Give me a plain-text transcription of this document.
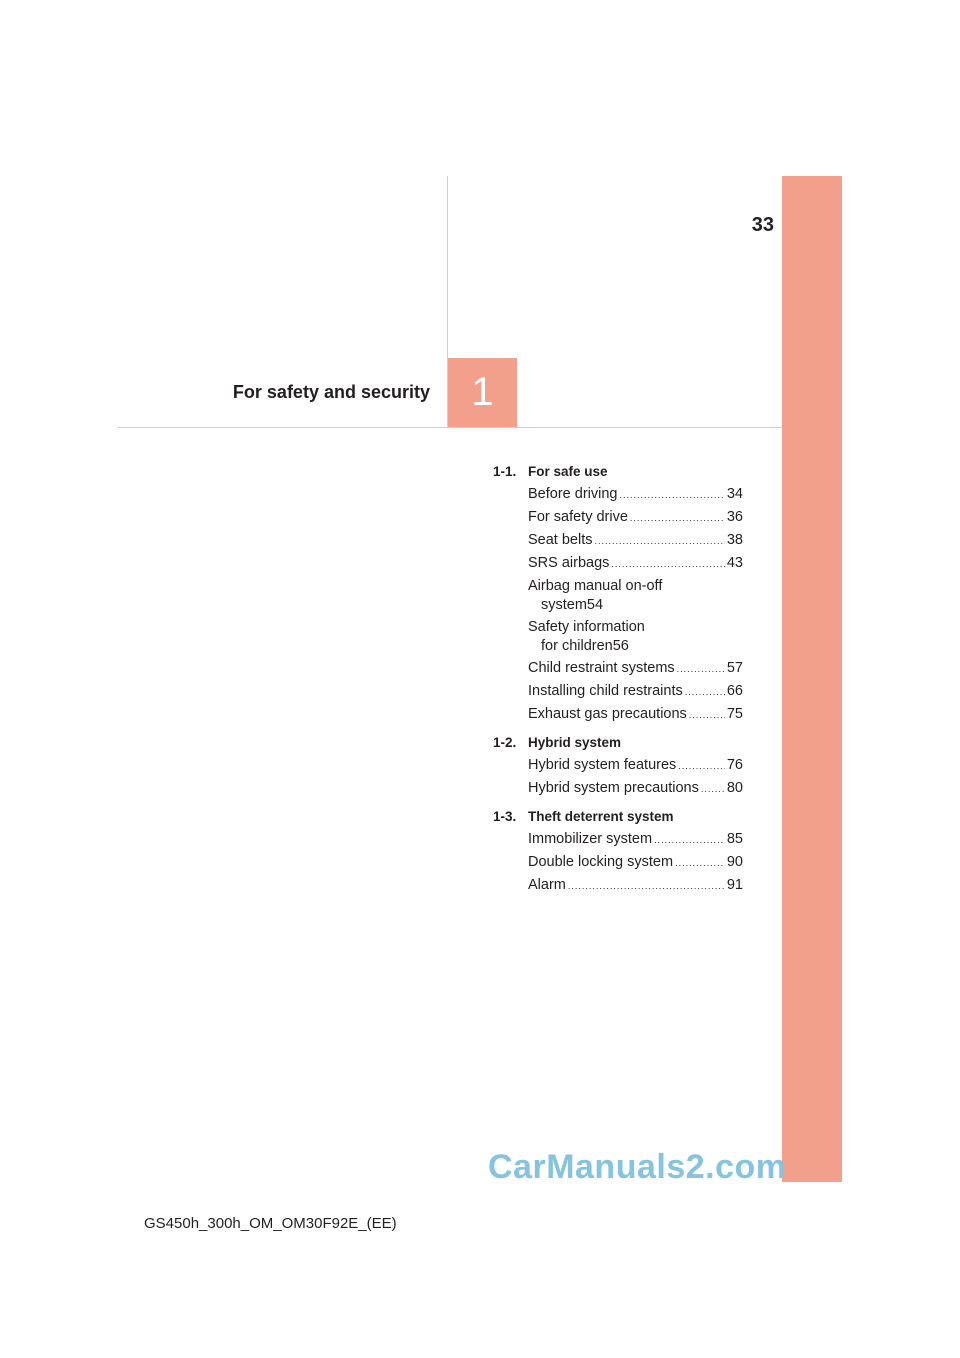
33
For safety and security	1
1-1. For safe use
Before driving .....	34
For safety drive .....	36
Seat belts .....	38
SRS airbags .....	43
Airbag manual on-off
system 54
Safety information
for children 56
Child restraint systems .....	57
Installing child restraints .....	66
Exhaust gas precautions .....	75
1-2. Hybrid system
Hybrid system features .....	76
Hybrid system precautions ..... 80
1-3. Theft deterrent system
Immobilizer system .....	85
Double locking system .....	90
Alarm .....	91
CarManuals2.com
GS450h_300h_OM_OM30F92E_(EE)
